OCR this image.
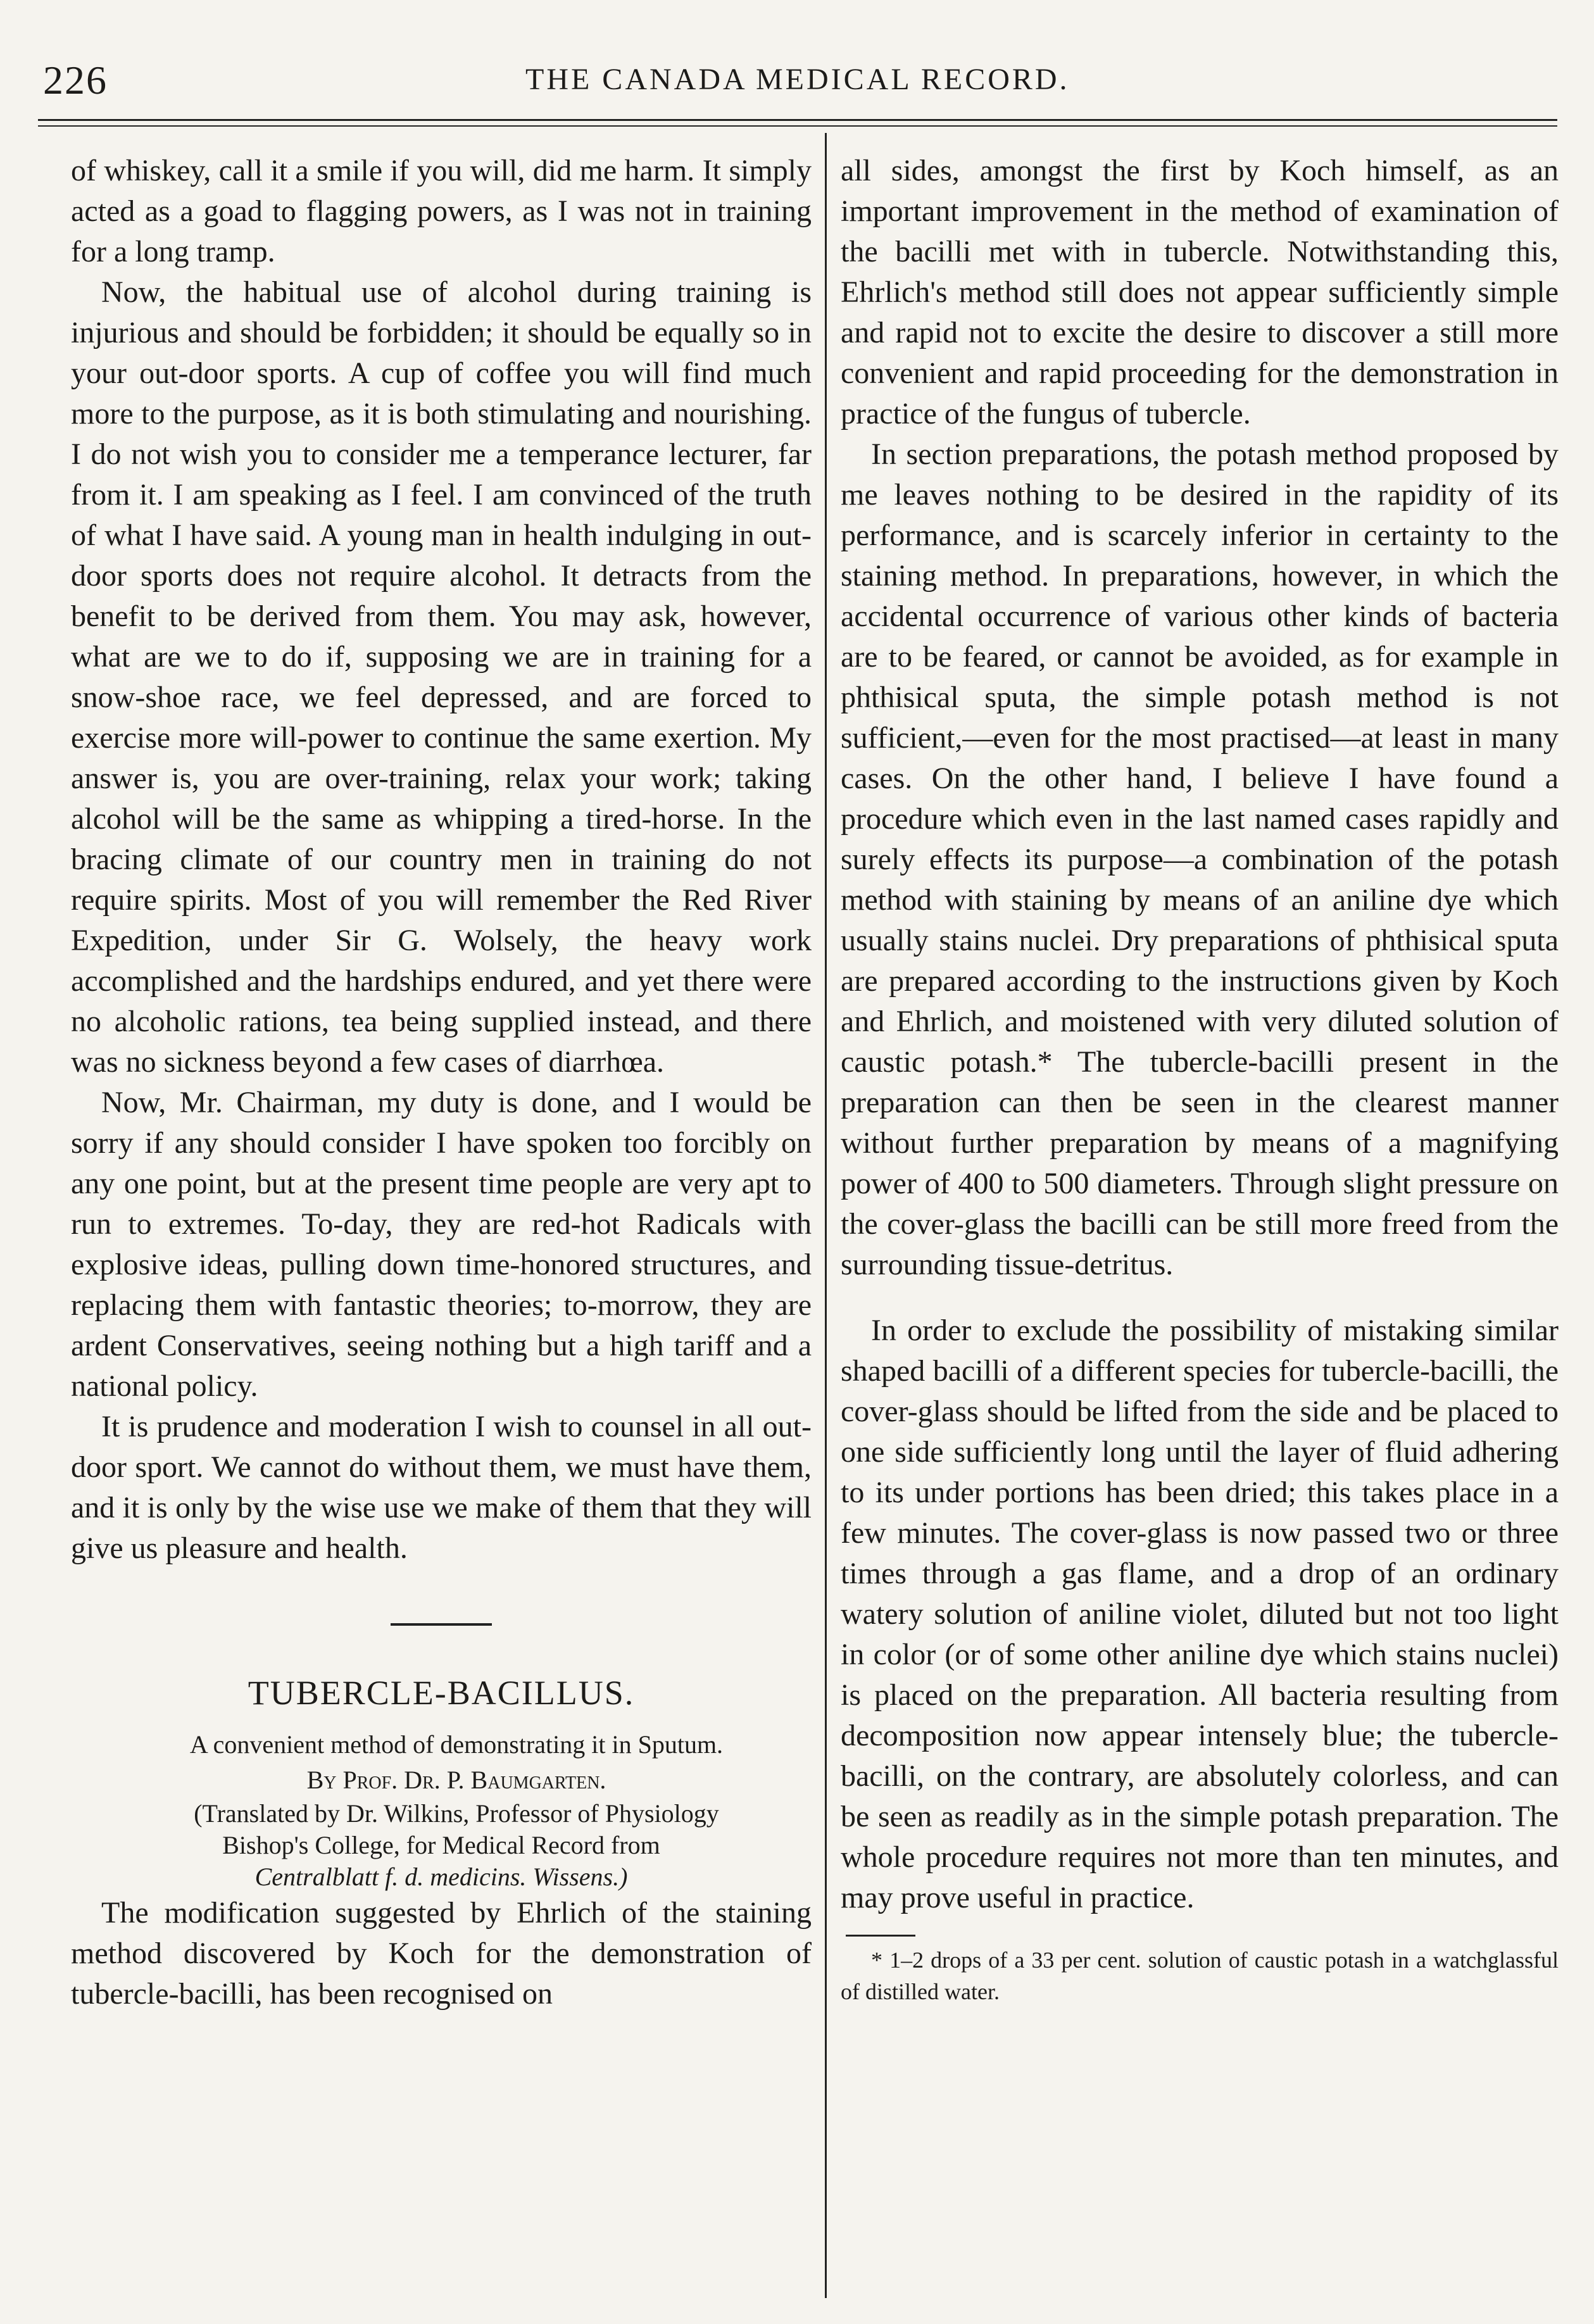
226	THE CANADA MEDICAL RECORD.

of whiskey, call it a smile if you will, did me harm. It simply acted as a goad to flagging powers, as I was not in training for a long tramp.

Now, the habitual use of alcohol during training is injurious and should be forbidden; it should be equally so in your out-door sports. A cup of coffee you will find much more to the purpose, as it is both stimulating and nourishing. I do not wish you to consider me a temperance lecturer, far from it. I am speaking as I feel. I am convinced of the truth of what I have said. A young man in health indulging in out-door sports does not require alcohol. It detracts from the benefit to be derived from them. You may ask, however, what are we to do if, supposing we are in training for a snow-shoe race, we feel depressed, and are forced to exercise more will-power to continue the same exertion. My answer is, you are over-training, relax your work; taking alcohol will be the same as whipping a tired-horse. In the bracing climate of our country men in training do not require spirits. Most of you will remember the Red River Expedition, under Sir G. Wolsely, the heavy work accomplished and the hardships endured, and yet there were no alcoholic rations, tea being supplied instead, and there was no sickness beyond a few cases of diarrhœa.

Now, Mr. Chairman, my duty is done, and I would be sorry if any should consider I have spoken too forcibly on any one point, but at the present time people are very apt to run to extremes. To-day, they are red-hot Radicals with explosive ideas, pulling down time-honored structures, and replacing them with fantastic theories; to-morrow, they are ardent Conservatives, seeing nothing but a high tariff and a national policy.

It is prudence and moderation I wish to counsel in all out-door sport. We cannot do without them, we must have them, and it is only by the wise use we make of them that they will give us pleasure and health.

TUBERCLE-BACILLUS.

A convenient method of demonstrating it in Sputum.

By Prof. Dr. P. Baumgarten.

(Translated by Dr. Wilkins, Professor of Physiology
Bishop's College, for Medical Record from
Centralblatt f. d. medicins. Wissens.)

The modification suggested by Ehrlich of the staining method discovered by Koch for the demonstration of tubercle-bacilli, has been recognised on

all sides, amongst the first by Koch himself, as an important improvement in the method of examination of the bacilli met with in tubercle. Notwithstanding this, Ehrlich's method still does not appear sufficiently simple and rapid not to excite the desire to discover a still more convenient and rapid proceeding for the demonstration in practice of the fungus of tubercle.

In section preparations, the potash method proposed by me leaves nothing to be desired in the rapidity of its performance, and is scarcely inferior in certainty to the staining method. In preparations, however, in which the accidental occurrence of various other kinds of bacteria are to be feared, or cannot be avoided, as for example in phthisical sputa, the simple potash method is not sufficient,—even for the most practised—at least in many cases. On the other hand, I believe I have found a procedure which even in the last named cases rapidly and surely effects its purpose—a combination of the potash method with staining by means of an aniline dye which usually stains nuclei. Dry preparations of phthisical sputa are prepared according to the instructions given by Koch and Ehrlich, and moistened with very diluted solution of caustic potash.* The tubercle-bacilli present in the preparation can then be seen in the clearest manner without further preparation by means of a magnifying power of 400 to 500 diameters. Through slight pressure on the cover-glass the bacilli can be still more freed from the surrounding tissue-detritus.

In order to exclude the possibility of mistaking similar shaped bacilli of a different species for tubercle-bacilli, the cover-glass should be lifted from the side and be placed to one side sufficiently long until the layer of fluid adhering to its under portions has been dried; this takes place in a few minutes. The cover-glass is now passed two or three times through a gas flame, and a drop of an ordinary watery solution of aniline violet, diluted but not too light in color (or of some other aniline dye which stains nuclei) is placed on the preparation. All bacteria resulting from decomposition now appear intensely blue; the tubercle-bacilli, on the contrary, are absolutely colorless, and can be seen as readily as in the simple potash preparation. The whole procedure requires not more than ten minutes, and may prove useful in practice.

* 1–2 drops of a 33 per cent. solution of caustic potash in a watchglassful of distilled water.
